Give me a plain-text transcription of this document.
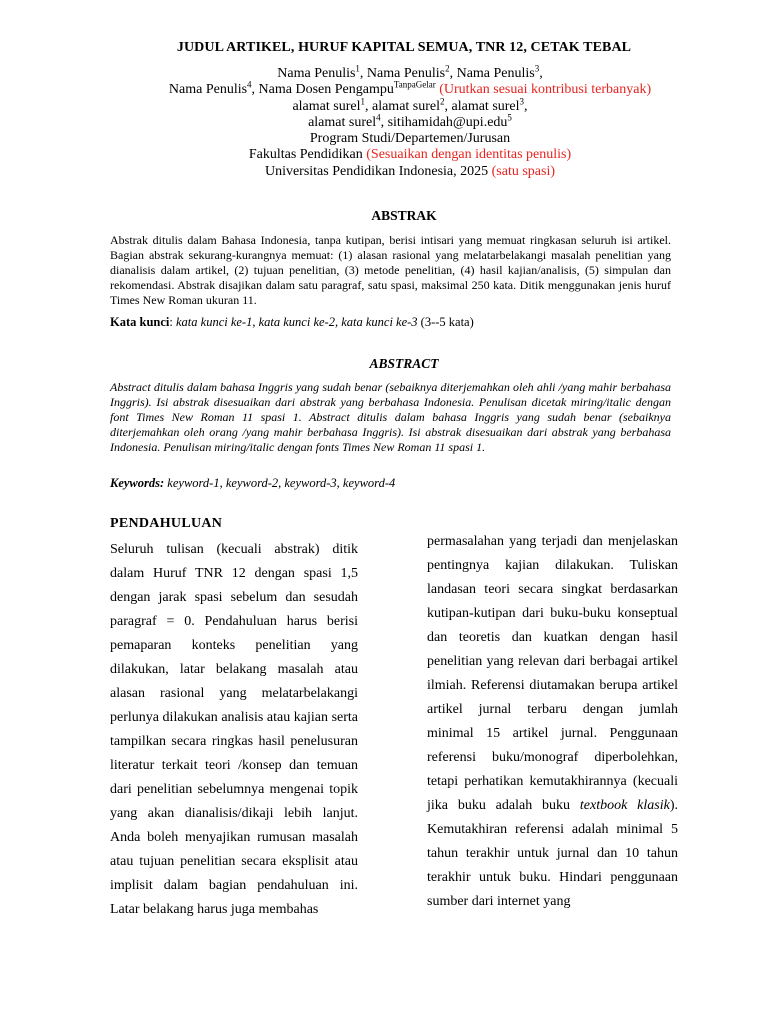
JUDUL ARTIKEL, HURUF KAPITAL SEMUA, TNR 12, CETAK TEBAL
Nama Penulis$^1$, Nama Penulis$^2$, Nama Penulis$^3$,
Nama Penulis$^4$, Nama Dosen Pengampu$^{TanpaGelar}$ (Urutkan sesuai kontribusi terbanyak) alamat surel$^1$, alamat surel$^2$, alamat surel$^3$,
alamat surel$^4$, sitihamidah@upi.edu$^5$
Program Studi/Departemen/Jurusan
Fakultas Pendidikan (Sesuaikan dengan identitas penulis)
Universitas Pendidikan Indonesia, 2025 (satu spasi)
ABSTRAK
Abstrak ditulis dalam Bahasa Indonesia, tanpa kutipan, berisi intisari yang memuat ringkasan seluruh isi artikel. Bagian abstrak sekurang-kurangnya memuat: (1) alasan rasional yang melatarbelakangi masalah penelitian yang dianalisis dalam artikel, (2) tujuan penelitian, (3) metode penelitian, (4) hasil kajian/analisis, (5) simpulan dan rekomendasi. Abstrak disajikan dalam satu paragraf, satu spasi, maksimal 250 kata. Ditik menggunakan jenis huruf Times New Roman ukuran 11.
Kata kunci: kata kunci ke-1, kata kunci ke-2, kata kunci ke-3 (3--5 kata)
ABSTRACT
Abstract ditulis dalam bahasa Inggris yang sudah benar (sebaiknya diterjemahkan oleh ahli /yang mahir berbahasa Inggris). Isi abstrak disesuaikan dari abstrak yang berbahasa Indonesia. Penulisan dicetak miring/italic dengan font Times New Roman 11 spasi 1. Abstract ditulis dalam bahasa Inggris yang sudah benar (sebaiknya diterjemahkan oleh orang /yang mahir berbahasa Inggris). Isi abstrak disesuaikan dari abstrak yang berbahasa Indonesia. Penulisan miring/italic dengan fonts Times New Roman 11 spasi 1.
Keywords: keyword-1, keyword-2, keyword-3, keyword-4
PENDAHULUAN

Seluruh tulisan (kecuali abstrak) ditik dalam Huruf TNR 12 dengan spasi 1,5 dengan jarak spasi sebelum dan sesudah paragraf = 0. Pendahuluan harus berisi pemaparan konteks penelitian yang dilakukan, latar belakang masalah atau alasan rasional yang melatarbelakangi perlunya dilakukan analisis atau kajian serta tampilkan secara ringkas hasil penelusuran literatur terkait teori /konsep dan temuan dari penelitian sebelumnya mengenai topik yang akan dianalisis/dikaji lebih lanjut. Anda boleh menyajikan rumusan masalah atau tujuan penelitian secara eksplisit atau implisit dalam bagian pendahuluan ini. Latar belakang harus juga membahas

permasalahan yang terjadi dan menjelaskan pentingnya kajian dilakukan. Tuliskan landasan teori secara singkat berdasarkan kutipan-kutipan dari buku-buku konseptual dan teoretis dan kuatkan dengan hasil penelitian yang relevan dari berbagai artikel ilmiah. Referensi diutamakan berupa artikel artikel jurnal terbaru dengan jumlah minimal 15 artikel jurnal. Penggunaan referensi buku/monograf diperbolehkan, tetapi perhatikan kemutakhirannya (kecuali jika buku adalah buku textbook klasik). Kemutakhiran referensi adalah minimal 5 tahun terakhir untuk jurnal dan 10 tahun terakhir untuk buku. Hindari penggunaan sumber dari internet yang
